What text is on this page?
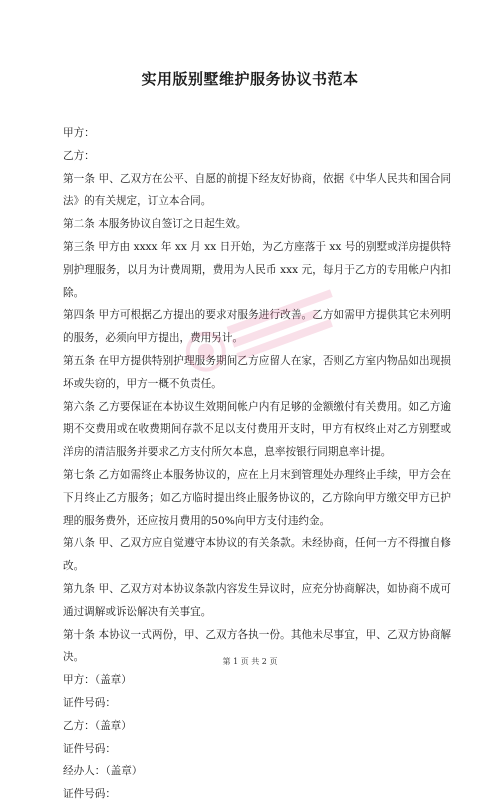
实用版别墅维护服务协议书范本

甲方：

乙方：

第一条 甲、乙双方在公平、自愿的前提下经友好协商，依据《中华人民共和国合同法》的有关规定，订立本合同。

第二条 本服务协议自签订之日起生效。

第三条 甲方由 xxxx 年 xx 月 xx 日开始，为乙方座落于 xx 号的别墅或洋房提供特别护理服务，以月为计费周期，费用为人民币 xxx 元，每月于乙方的专用帐户内扣除。

第四条 甲方可根据乙方提出的要求对服务进行改善。乙方如需甲方提供其它未列明的服务，必须向甲方提出，费用另计。

第五条 在甲方提供特别护理服务期间乙方应留人在家，否则乙方室内物品如出现损坏或失窃的，甲方一概不负责任。

第六条 乙方要保证在本协议生效期间帐户内有足够的金额缴付有关费用。如乙方逾期不交费用或在收费期间存款不足以支付费用开支时，甲方有权终止对乙方别墅或洋房的清洁服务并要求乙方支付所欠本息，息率按银行同期息率计提。

第七条 乙方如需终止本服务协议的，应在上月末到管理处办理终止手续，甲方会在下月终止乙方服务；如乙方临时提出终止服务协议的，乙方除向甲方缴交甲方已护理的服务费外，还应按月费用的50%向甲方支付违约金。

第八条 甲、乙双方应自觉遵守本协议的有关条款。未经协商，任何一方不得擅自修改。

第九条 甲、乙双方对本协议条款内容发生异议时，应充分协商解决，如协商不成可通过调解或诉讼解决有关事宜。

第十条 本协议一式两份，甲、乙双方各执一份。其他未尽事宜，甲、乙双方协商解决。

甲方：（盖章）

证件号码：

乙方：（盖章）

证件号码：

经办人：（盖章）

证件号码：

第 1 页 共 2 页
